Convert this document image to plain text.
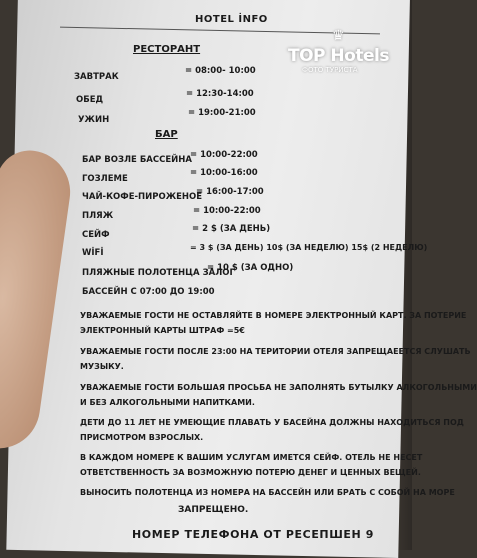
HOTEL İNFO
РЕСТОРАНТ
ЗАВТРАК
= 08:00- 10:00
ОБЕД
= 12:30-14:00
УЖИН
= 19:00-21:00
БАР
БАР ВОЗЛЕ БАССЕЙНА
= 10:00-22:00
ГОЗЛЕМЕ
= 10:00-16:00
ЧАЙ-КОФЕ-ПИРОЖЕНОЕ
= 16:00-17:00
ПЛЯЖ	= 10:00-22:00
СЕЙФ
= 2 $ (ЗА ДЕНЬ)
WİFİ
= 3 $ (ЗА ДЕНЬ) 10$ (ЗА НЕДЕЛЮ) 15$ (2 НЕДЕЛЮ)
ПЛЯЖНЫЕ ПОЛОТЕНЦА ЗАЛОГ
= 10 $ (ЗА ОДНО)
БАССЕЙН С 07:00 ДО 19:00
УВАЖАЕМЫЕ ГОСТИ НЕ ОСТАВЛЯЙТЕ В НОМЕРЕ ЭЛЕКТРОННЫЙ КАРТ. ЗА ПОТЕРИЕ
ЭЛЕКТРОННЫЙ КАРТЫ ШТРАФ =5€
УВАЖАЕМЫЕ ГОСТИ ПОСЛЕ 23:00 НА ТЕРИТОРИИ ОТЕЛЯ ЗАПРЕЩАЕЕТСЯ СЛУШАТЬ
МУЗЫКУ.
УВАЖАЕМЫЕ ГОСТИ БОЛЬШАЯ ПРОСЬБА НЕ ЗАПОЛНЯТЬ БУТЫЛКУ АЛКОГОЛЬНЫМИ
И БЕЗ АЛКОГОЛЬНЫМИ НАПИТКАМИ.
ДЕТИ ДО 11 ЛЕТ НЕ УМЕЮЩИЕ ПЛАВАТЬ У БАСЕЙНА ДОЛЖНЫ НАХОДИТЬСЯ ПОД
ПРИСМОТРОМ ВЗРОСЛЫХ.
В КАЖДОМ НОМЕРЕ К ВАШИМ УСЛУГАМ ИМЕТСЯ СЕЙФ. ОТЕЛЬ НЕ НЕСЕТ
ОТВЕТСТВЕННОСТЬ ЗА ВОЗМОЖНУЮ ПОТЕРЮ ДЕНЕГ И ЦЕННЫХ ВЕЩЕЙ.
ВЫНОСИТЬ ПОЛОТЕНЦА ИЗ НОМЕРА НА БАССЕЙН ИЛИ БРАТЬ С СОБОЙ НА МОРЕ
ЗАПРЕЩЕНО.
НОМЕР ТЕЛЕФОНА ОТ РЕСЕПШЕН 9
♛
TOP Hotels
ФОТО ТУРИСТА
